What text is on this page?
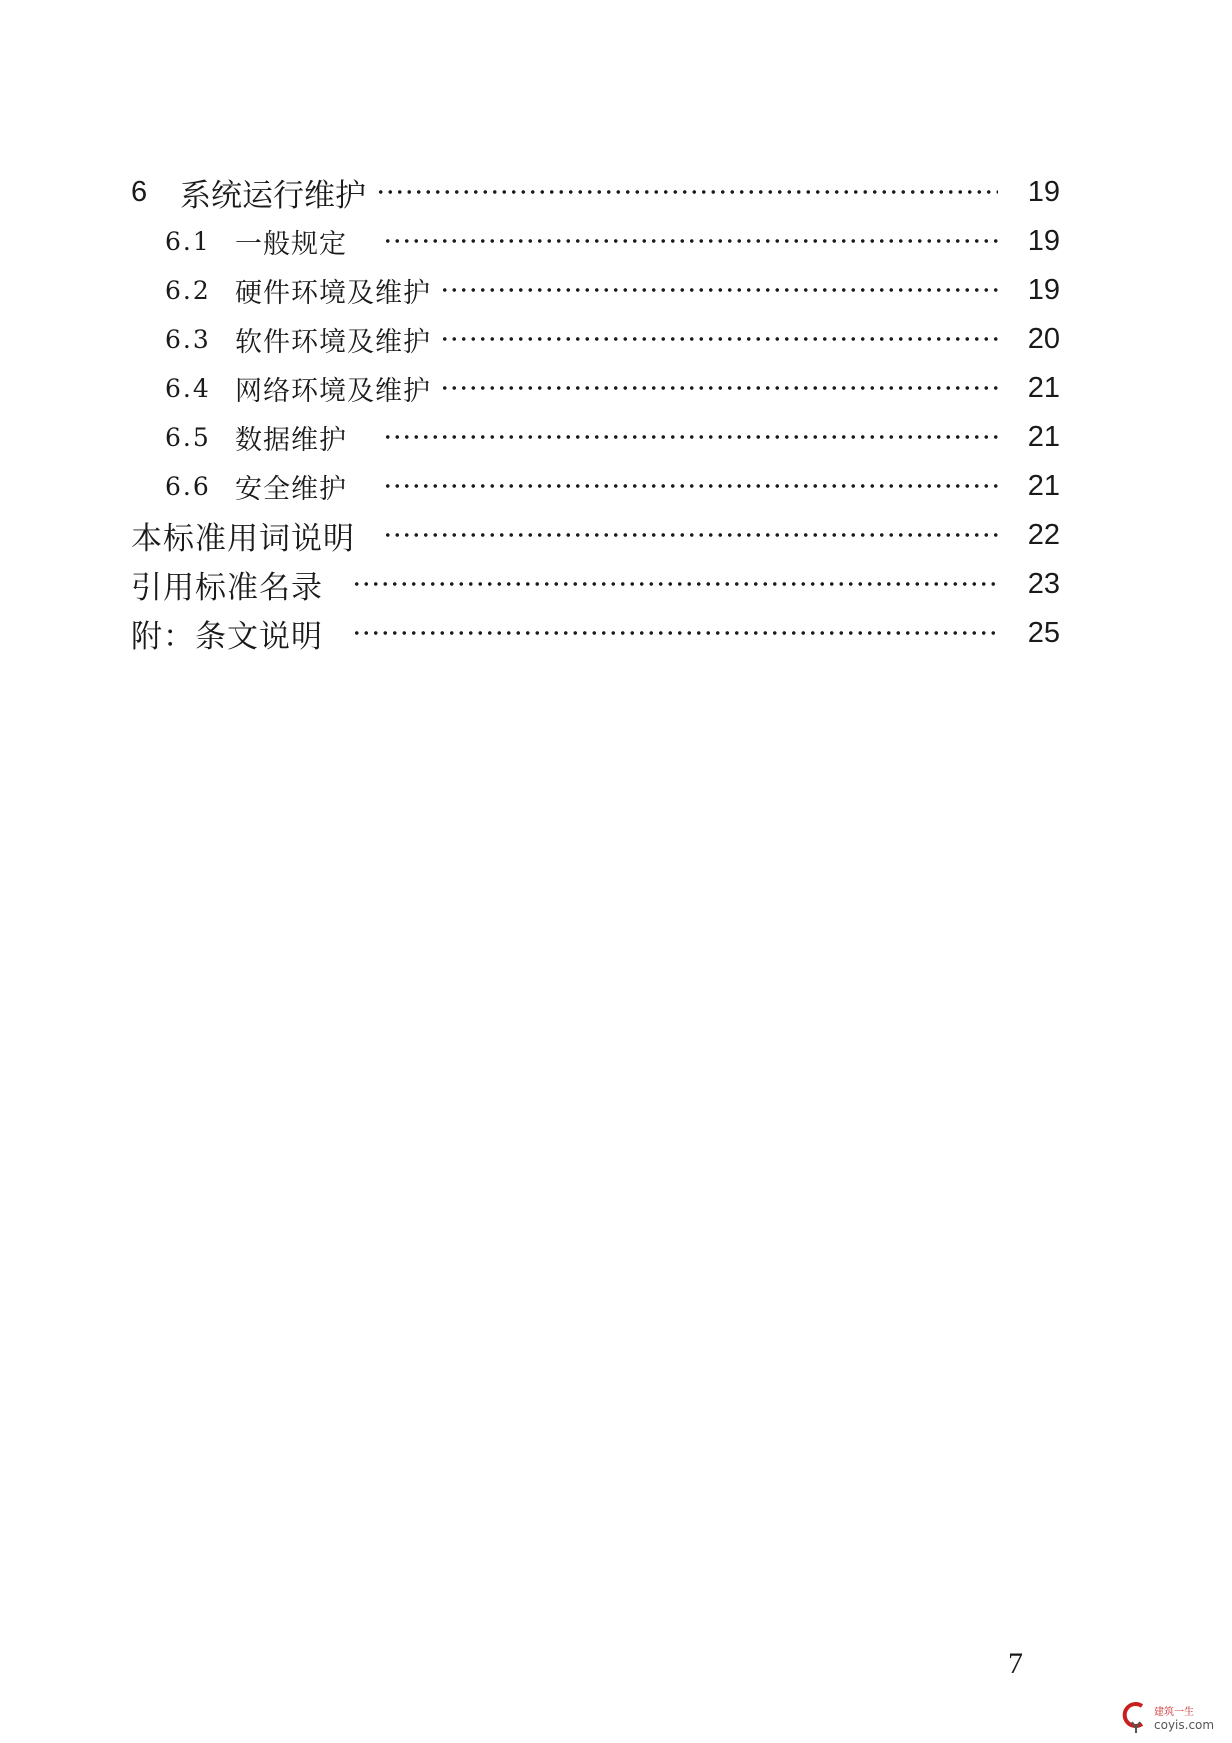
6 系统运行维护	19
6.1 一般规定	19
6.2 硬件环境及维护	19
6.3 软件环境及维护	20
6.4 网络环境及维护	21
6.5 数据维护	21
6.6 安全维护	21
本标准用词说明	22
引用标准名录	23
附：条文说明	25
7
建筑一生
coyis.com
